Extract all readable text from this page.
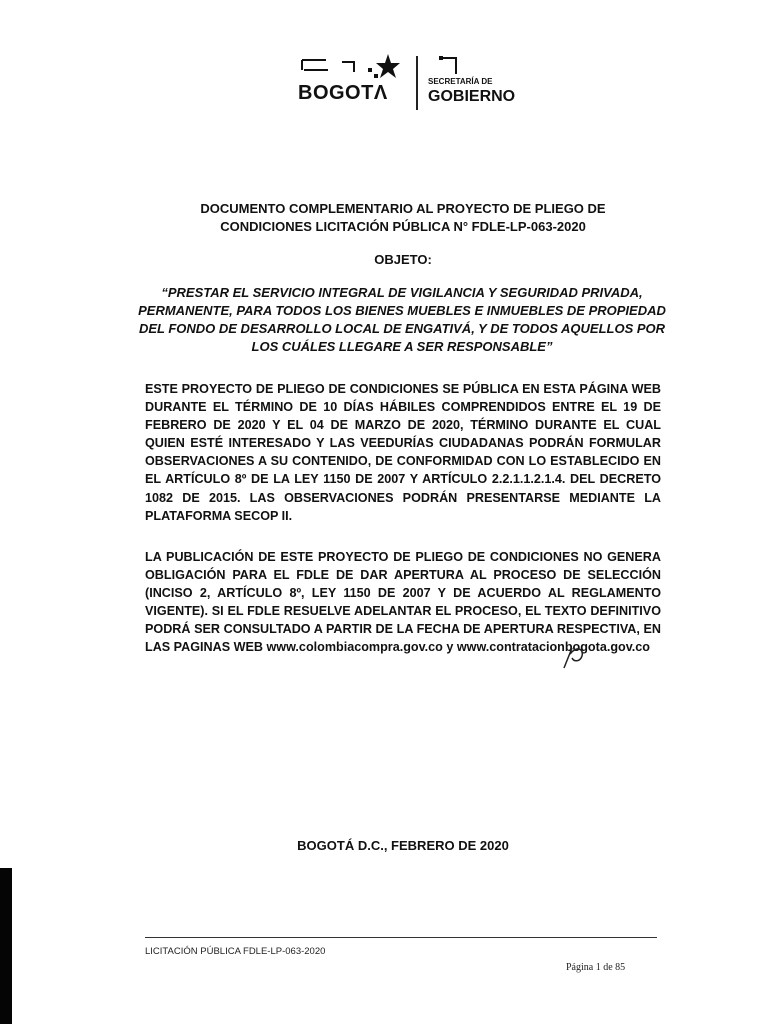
BOGOTΛ
SECRETARÍA DE
GOBIERNO
DOCUMENTO COMPLEMENTARIO AL PROYECTO DE PLIEGO DE
CONDICIONES LICITACIÓN PÚBLICA N° FDLE-LP-063-2020
OBJETO:
“PRESTAR EL SERVICIO INTEGRAL DE VIGILANCIA Y SEGURIDAD PRIVADA, PERMANENTE, PARA TODOS LOS BIENES MUEBLES E INMUEBLES DE PROPIEDAD DEL FONDO DE DESARROLLO LOCAL DE ENGATIVÁ, Y DE TODOS AQUELLOS POR LOS CUÁLES LLEGARE A SER RESPONSABLE”
ESTE PROYECTO DE PLIEGO DE CONDICIONES SE PÚBLICA EN ESTA PÁGINA WEB DURANTE EL TÉRMINO DE 10 DÍAS HÁBILES COMPRENDIDOS ENTRE EL 19 DE FEBRERO DE 2020 Y EL 04 DE MARZO DE 2020, TÉRMINO DURANTE EL CUAL QUIEN ESTÉ INTERESADO Y LAS VEEDURÍAS CIUDADANAS PODRÁN FORMULAR OBSERVACIONES A SU CONTENIDO, DE CONFORMIDAD CON LO ESTABLECIDO EN EL ARTÍCULO 8º DE LA LEY 1150 DE 2007 Y ARTÍCULO 2.2.1.1.2.1.4. DEL DECRETO 1082 DE 2015. LAS OBSERVACIONES PODRÁN PRESENTARSE MEDIANTE LA PLATAFORMA SECOP II.
LA PUBLICACIÓN DE ESTE PROYECTO DE PLIEGO DE CONDICIONES NO GENERA OBLIGACIÓN PARA EL FDLE DE DAR APERTURA AL PROCESO DE SELECCIÓN (INCISO 2, ARTÍCULO 8º, LEY 1150 DE 2007 Y DE ACUERDO AL REGLAMENTO VIGENTE). SI EL FDLE RESUELVE ADELANTAR EL PROCESO, EL TEXTO DEFINITIVO PODRÁ SER CONSULTADO A PARTIR DE LA FECHA DE APERTURA RESPECTIVA, EN LAS PAGINAS WEB www.colombiacompra.gov.co y www.contratacionbogota.gov.co
BOGOTÁ D.C., FEBRERO DE 2020
LICITACIÓN PÚBLICA FDLE-LP-063-2020
Página 1 de 85
